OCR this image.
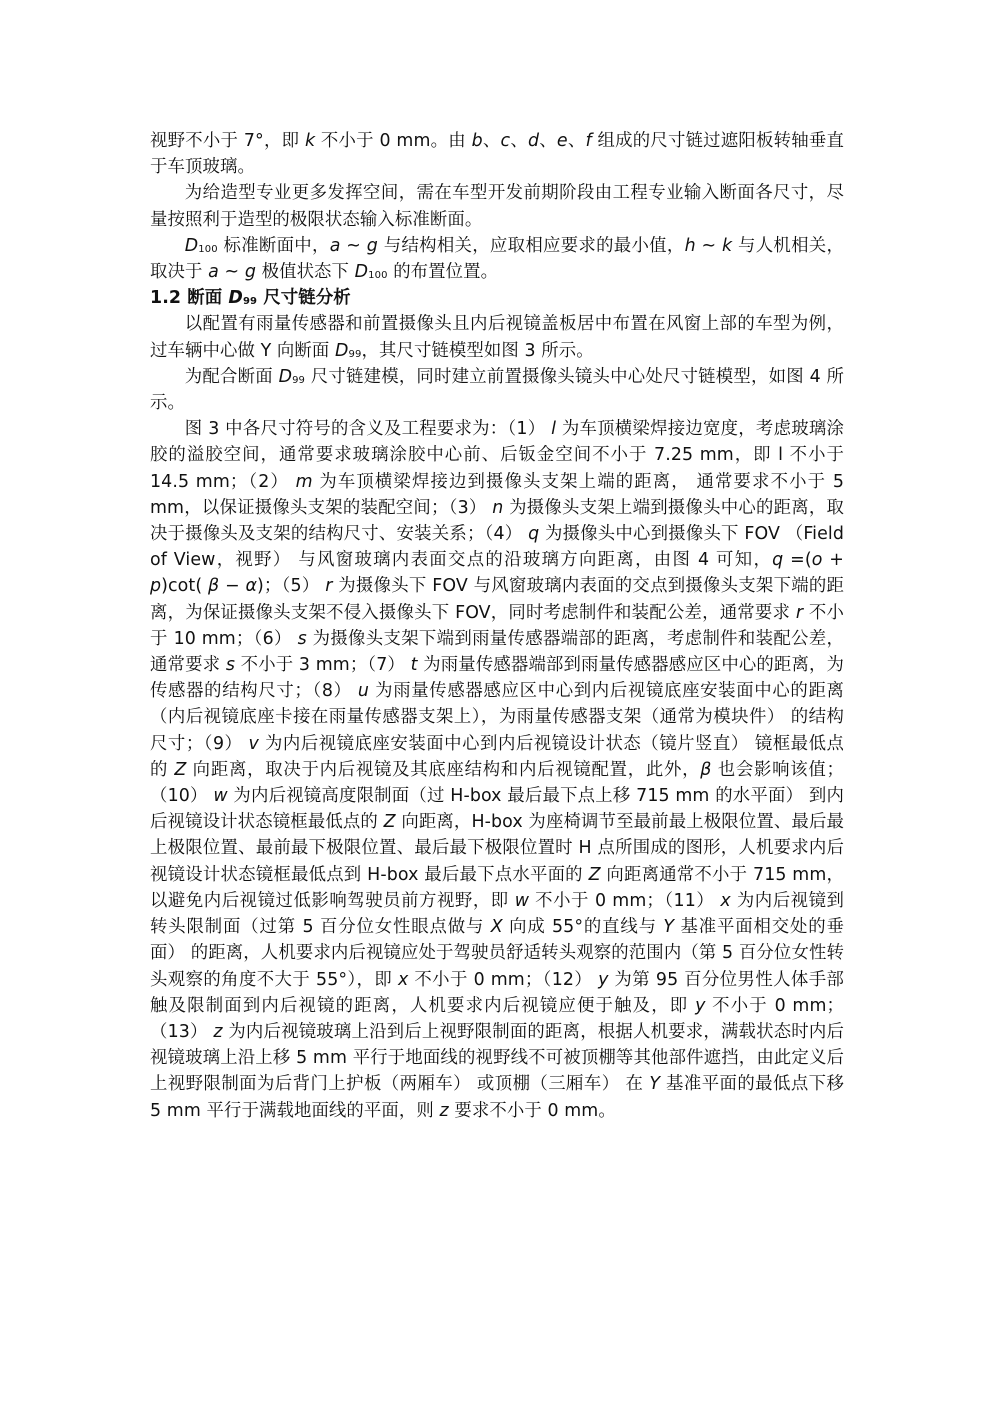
视野不小于 7°，即 k 不小于 0 mm。由 b、c、d、e、f 组成的尺寸链过遮阳板转轴垂直于车顶玻璃。

为给造型专业更多发挥空间，需在车型开发前期阶段由工程专业输入断面各尺寸，尽量按照利于造型的极限状态输入标准断面。

$D_{100}$ 标准断面中，a ~ g 与结构相关，应取相应要求的最小值，h ~ k 与人机相关，取决于 a ~ g 极值状态下 $D_{100}$ 的布置位置。

1.2 断面 $D_{99}$ 尺寸链分析

以配置有雨量传感器和前置摄像头且内后视镜盖板居中布置在风窗上部的车型为例，过车辆中心做 Y 向断面 $D_{99}$，其尺寸链模型如图 3 所示。

为配合断面 $D_{99}$ 尺寸链建模，同时建立前置摄像头镜头中心处尺寸链模型，如图 4 所示。

图 3 中各尺寸符号的含义及工程要求为：（1） l 为车顶横梁焊接边宽度，考虑玻璃涂胶的溢胶空间，通常要求玻璃涂胶中心前、后钣金空间不小于 7.25 mm，即 l 不小于 14.5 mm；（2） m 为车顶横梁焊接边到摄像头支架上端的距离， 通常要求不小于 5 mm，以保证摄像头支架的装配空间；（3） n 为摄像头支架上端到摄像头中心的距离，取决于摄像头及支架的结构尺寸、安装关系；（4） q 为摄像头中心到摄像头下 FOV （Field of View，视野） 与风窗玻璃内表面交点的沿玻璃方向距离，由图 4 可知，q =(o + p)cot( β − α)；（5） r 为摄像头下 FOV 与风窗玻璃内表面的交点到摄像头支架下端的距离，为保证摄像头支架不侵入摄像头下 FOV，同时考虑制件和装配公差，通常要求 r 不小于 10 mm；（6） s 为摄像头支架下端到雨量传感器端部的距离，考虑制件和装配公差，通常要求 s 不小于 3 mm；（7） t 为雨量传感器端部到雨量传感器感应区中心的距离，为传感器的结构尺寸；（8） u 为雨量传感器感应区中心到内后视镜底座安装面中心的距离（内后视镜底座卡接在雨量传感器支架上），为雨量传感器支架（通常为模块件） 的结构尺寸；（9） v 为内后视镜底座安装面中心到内后视镜设计状态（镜片竖直） 镜框最低点的 Z 向距离，取决于内后视镜及其底座结构和内后视镜配置，此外，β 也会影响该值；（10） w 为内后视镜高度限制面（过 H-box 最后最下点上移 715 mm 的水平面） 到内后视镜设计状态镜框最低点的 Z 向距离，H-box 为座椅调节至最前最上极限位置、最后最上极限位置、最前最下极限位置、最后最下极限位置时 H 点所围成的图形，人机要求内后视镜设计状态镜框最低点到 H-box 最后最下点水平面的 Z 向距离通常不小于 715 mm，以避免内后视镜过低影响驾驶员前方视野，即 w 不小于 0 mm；（11） x 为内后视镜到转头限制面（过第 5 百分位女性眼点做与 X 向成 55°的直线与 Y 基准平面相交处的垂面） 的距离，人机要求内后视镜应处于驾驶员舒适转头观察的范围内（第 5 百分位女性转头观察的角度不大于 55°），即 x 不小于 0 mm；（12） y 为第 95 百分位男性人体手部触及限制面到内后视镜的距离，人机要求内后视镜应便于触及，即 y 不小于 0 mm；（13） z 为内后视镜玻璃上沿到后上视野限制面的距离，根据人机要求，满载状态时内后视镜玻璃上沿上移 5 mm 平行于地面线的视野线不可被顶棚等其他部件遮挡，由此定义后上视野限制面为后背门上护板（两厢车） 或顶棚（三厢车） 在 Y 基准平面的最低点下移 5 mm 平行于满载地面线的平面，则 z 要求不小于 0 mm。
